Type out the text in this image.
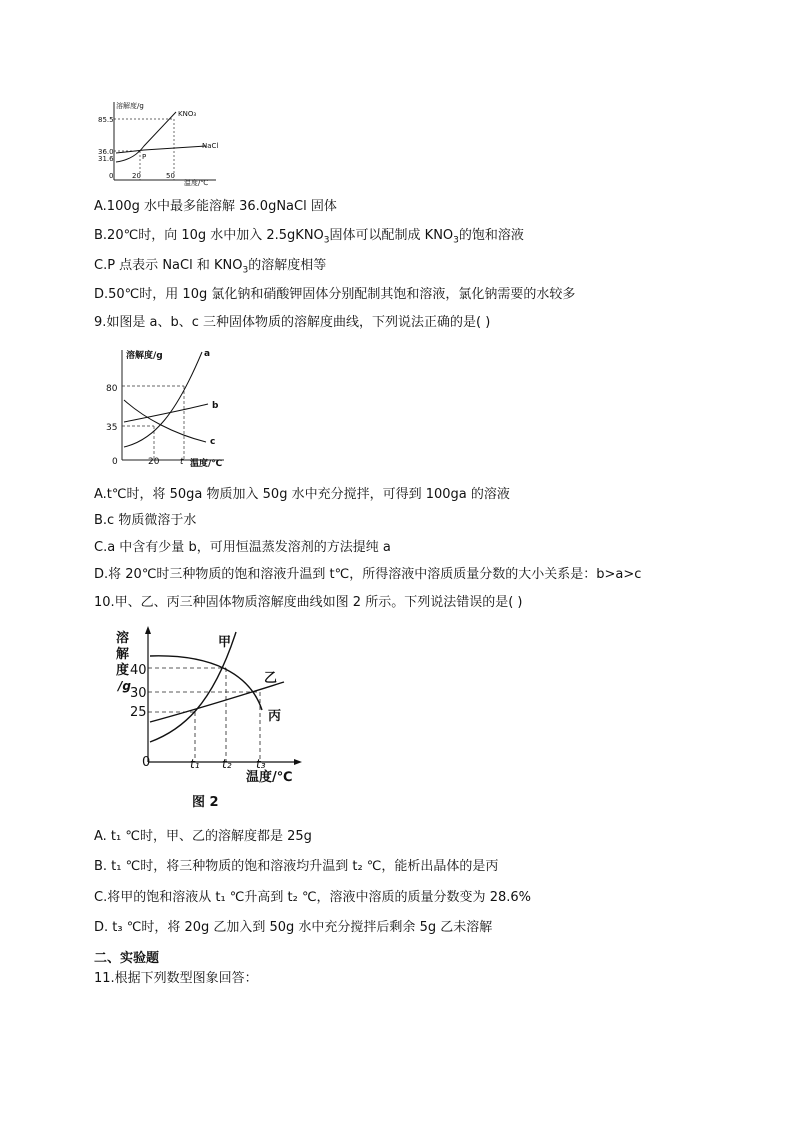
溶解度/g
温度/℃
85.5
36.0
31.6
0	20	50
KNO₃
NaCl
P
A.100g 水中最多能溶解 36.0gNaCl 固体
B.20℃时，向 10g 水中加入 2.5gKNO$_3$固体可以配制成 $KNO_3$的饱和溶液
C.P 点表示 NaCl 和 $KNO_3$的溶解度相等
D.50℃时，用 10g 氯化钠和硝酸钾固体分别配制其饱和溶液，氯化钠需要的水较多
9.如图是 a、b、c 三种固体物质的溶解度曲线，下列说法正确的是( )
溶解度/g
温度/℃
80
35
0	20 t
a
b
c
A.t℃时，将 50ga 物质加入 50g 水中充分搅拌，可得到 100ga 的溶液
B.c 物质微溶于水
C.a 中含有少量 b，可用恒温蒸发溶剂的方法提纯 a
D.将 20℃时三种物质的饱和溶液升温到 t℃，所得溶液中溶质质量分数的大小关系是：b>a>c
10.甲、乙、丙三种固体物质溶解度曲线如图 2 所示。下列说法错误的是( )
溶
解
度
/g
40
30
25
0	t₁ t₂ t₃
温度/℃
甲
乙
丙
图 2
A. t₁ ℃时，甲、乙的溶解度都是 25g
B. t₁ ℃时，将三种物质的饱和溶液均升温到 t₂ ℃，能析出晶体的是丙
C.将甲的饱和溶液从 t₁ ℃升高到 t₂ ℃，溶液中溶质的质量分数变为 28.6%
D. t₃ ℃时，将 20g 乙加入到 50g 水中充分搅拌后剩余 5g 乙未溶解
二、实验题
11.根据下列数型图象回答：
